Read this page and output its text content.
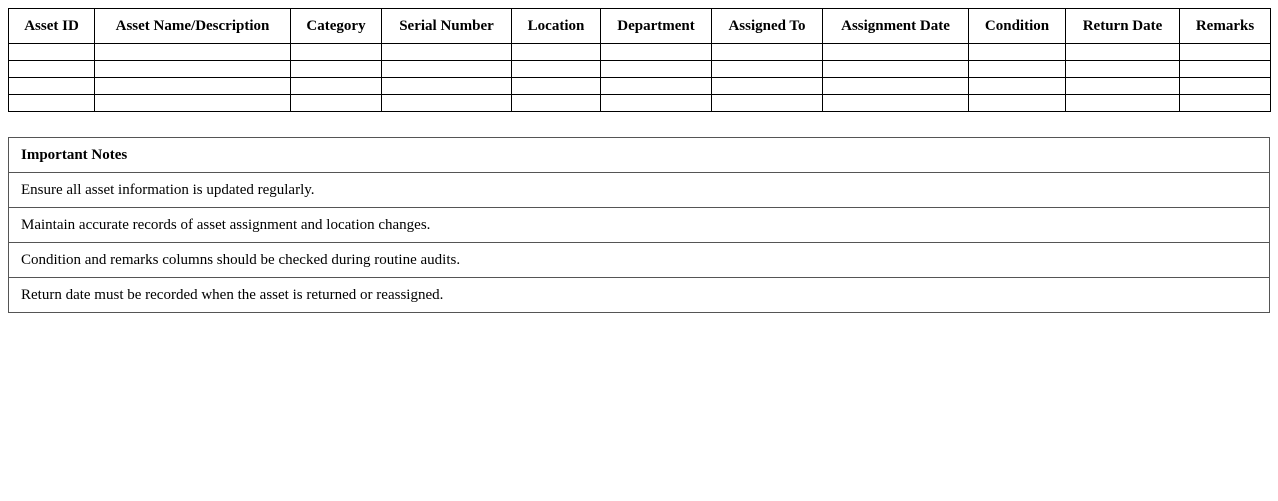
Asset ID	Asset Name/Description	Category	Serial Number	Location	Department	Assigned To	Assignment Date	Condition	Return Date	Remarks

Important Notes
Ensure all asset information is updated regularly.
Maintain accurate records of asset assignment and location changes.
Condition and remarks columns should be checked during routine audits.
Return date must be recorded when the asset is returned or reassigned.
